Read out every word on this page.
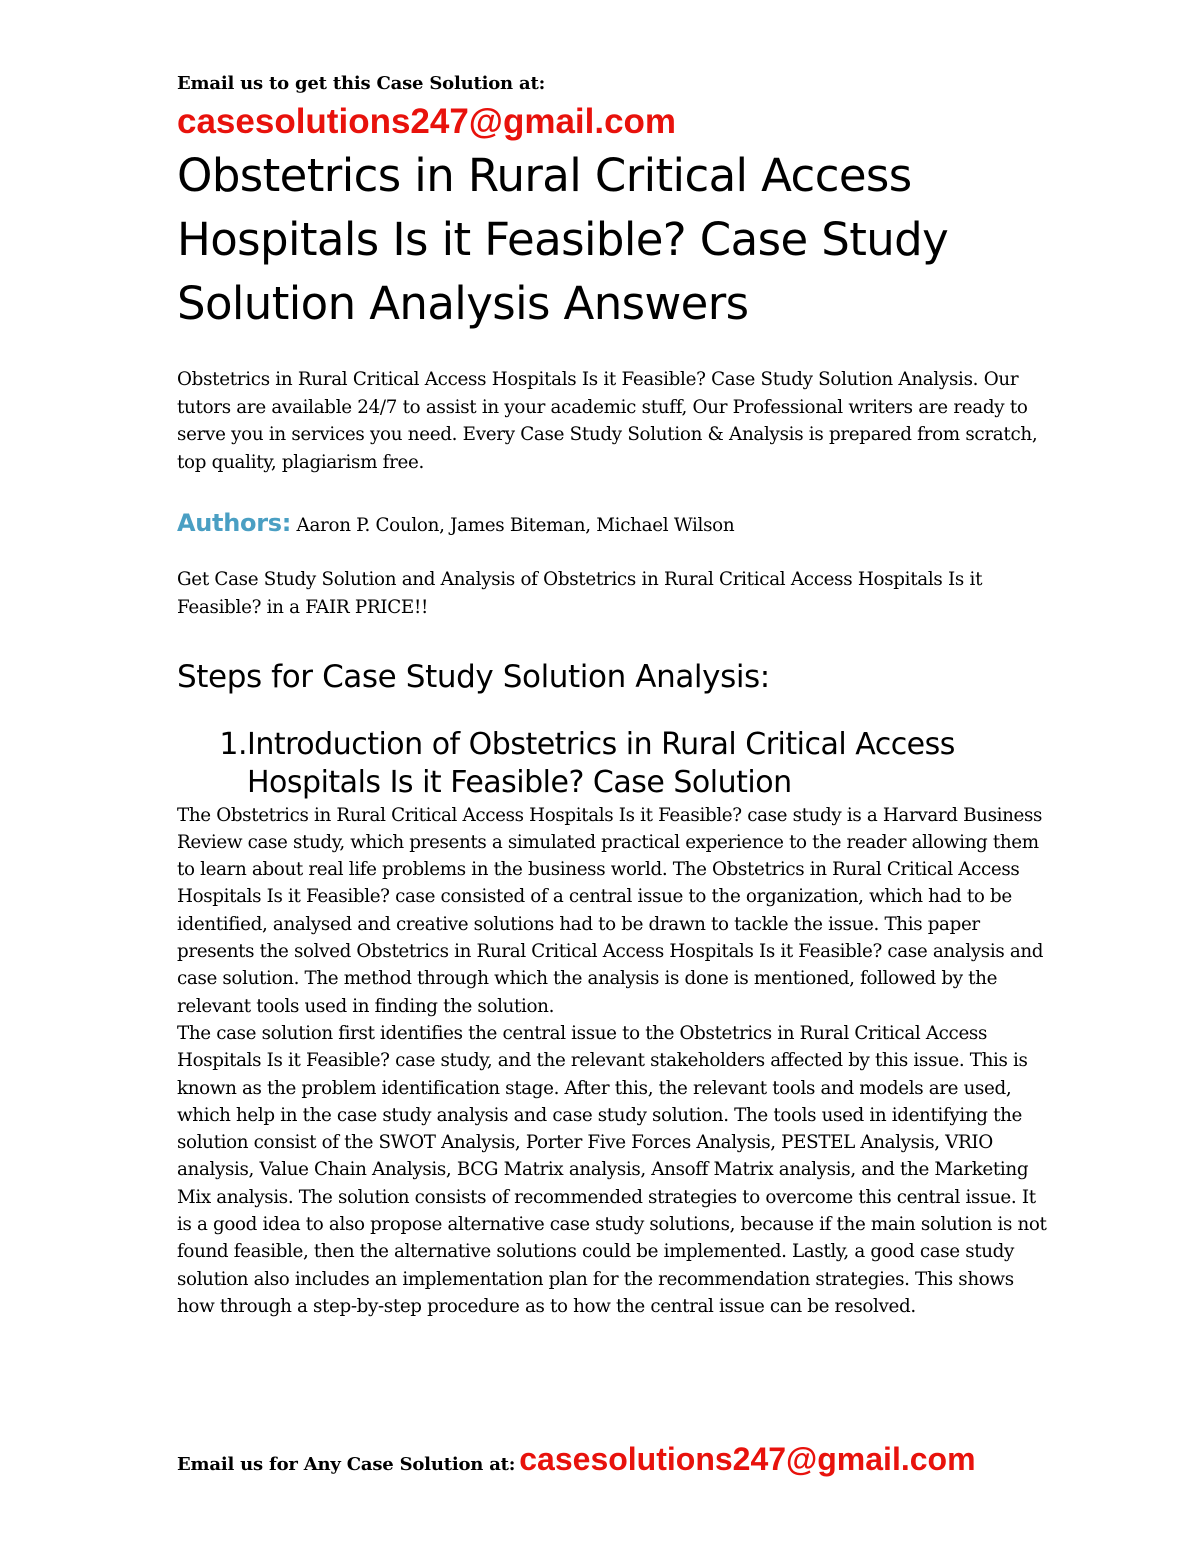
Email us to get this Case Solution at:

casesolutions247@gmail.com
Obstetrics in Rural Critical Access Hospitals Is it Feasible? Case Study Solution Analysis Answers

Obstetrics in Rural Critical Access Hospitals Is it Feasible? Case Study Solution Analysis. Our tutors are available 24/7 to assist in your academic stuff, Our Professional writers are ready to serve you in services you need. Every Case Study Solution & Analysis is prepared from scratch, top quality, plagiarism free.

Authors: Aaron P. Coulon, James Biteman, Michael Wilson

Get Case Study Solution and Analysis of Obstetrics in Rural Critical Access Hospitals Is it Feasible? in a FAIR PRICE!!

Steps for Case Study Solution Analysis:
1. Introduction of Obstetrics in Rural Critical Access Hospitals Is it Feasible? Case Solution

The Obstetrics in Rural Critical Access Hospitals Is it Feasible? case study is a Harvard Business Review case study, which presents a simulated practical experience to the reader allowing them to learn about real life problems in the business world. The Obstetrics in Rural Critical Access Hospitals Is it Feasible? case consisted of a central issue to the organization, which had to be identified, analysed and creative solutions had to be drawn to tackle the issue. This paper presents the solved Obstetrics in Rural Critical Access Hospitals Is it Feasible? case analysis and case solution. The method through which the analysis is done is mentioned, followed by the relevant tools used in finding the solution.

The case solution first identifies the central issue to the Obstetrics in Rural Critical Access Hospitals Is it Feasible? case study, and the relevant stakeholders affected by this issue. This is known as the problem identification stage. After this, the relevant tools and models are used, which help in the case study analysis and case study solution. The tools used in identifying the solution consist of the SWOT Analysis, Porter Five Forces Analysis, PESTEL Analysis, VRIO analysis, Value Chain Analysis, BCG Matrix analysis, Ansoff Matrix analysis, and the Marketing Mix analysis. The solution consists of recommended strategies to overcome this central issue. It is a good idea to also propose alternative case study solutions, because if the main solution is not found feasible, then the alternative solutions could be implemented. Lastly, a good case study solution also includes an implementation plan for the recommendation strategies. This shows how through a step-by-step procedure as to how the central issue can be resolved.

Email us for Any Case Solution at: casesolutions247@gmail.com
